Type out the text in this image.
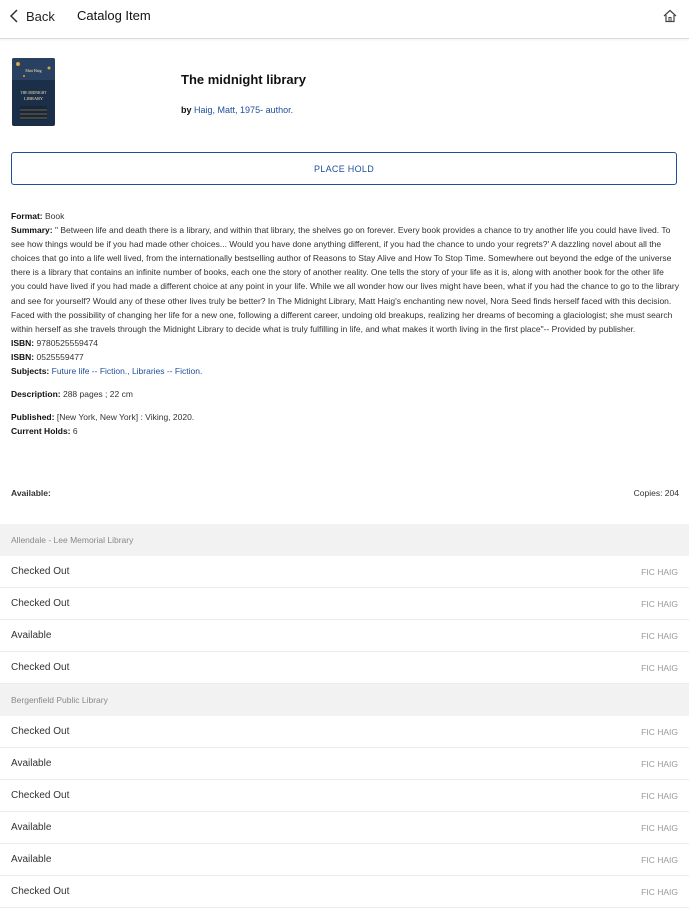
Back Catalog Item
Matt Haig
THE MIDNIGHT
LIBRARY
The midnight library
by Haig, Matt, 1975- author.
PLACE HOLD
Format: Book
Summary: " Between life and death there is a library, and within that library, the shelves go on forever. Every book provides a chance to try another life you could have lived. To see how things would be if you had made other choices... Would you have done anything different, if you had the chance to undo your regrets?' A dazzling novel about all the choices that go into a life well lived, from the internationally bestselling author of Reasons to Stay Alive and How To Stop Time. Somewhere out beyond the edge of the universe there is a library that contains an infinite number of books, each one the story of another reality. One tells the story of your life as it is, along with another book for the other life you could have lived if you had made a different choice at any point in your life. While we all wonder how our lives might have been, what if you had the chance to go to the library and see for yourself? Would any of these other lives truly be better? In The Midnight Library, Matt Haig's enchanting new novel, Nora Seed finds herself faced with this decision. Faced with the possibility of changing her life for a new one, following a different career, undoing old breakups, realizing her dreams of becoming a glaciologist; she must search within herself as she travels through the Midnight Library to decide what is truly fulfilling in life, and what makes it worth living in the first place"-- Provided by publisher.
ISBN: 9780525559474
ISBN: 0525559477
Subjects: Future life -- Fiction., Libraries -- Fiction.
Description: 288 pages ; 22 cm
Published: [New York, New York] : Viking, 2020.
Current Holds: 6
Available:	Copies: 204
Allendale - Lee Memorial Library
Checked Out	FIC HAIG
Checked Out	FIC HAIG
Available	FIC HAIG
Checked Out	FIC HAIG
Bergenfield Public Library
Checked Out	FIC HAIG
Available	FIC HAIG
Checked Out	FIC HAIG
Available	FIC HAIG
Available	FIC HAIG
Checked Out	FIC HAIG
